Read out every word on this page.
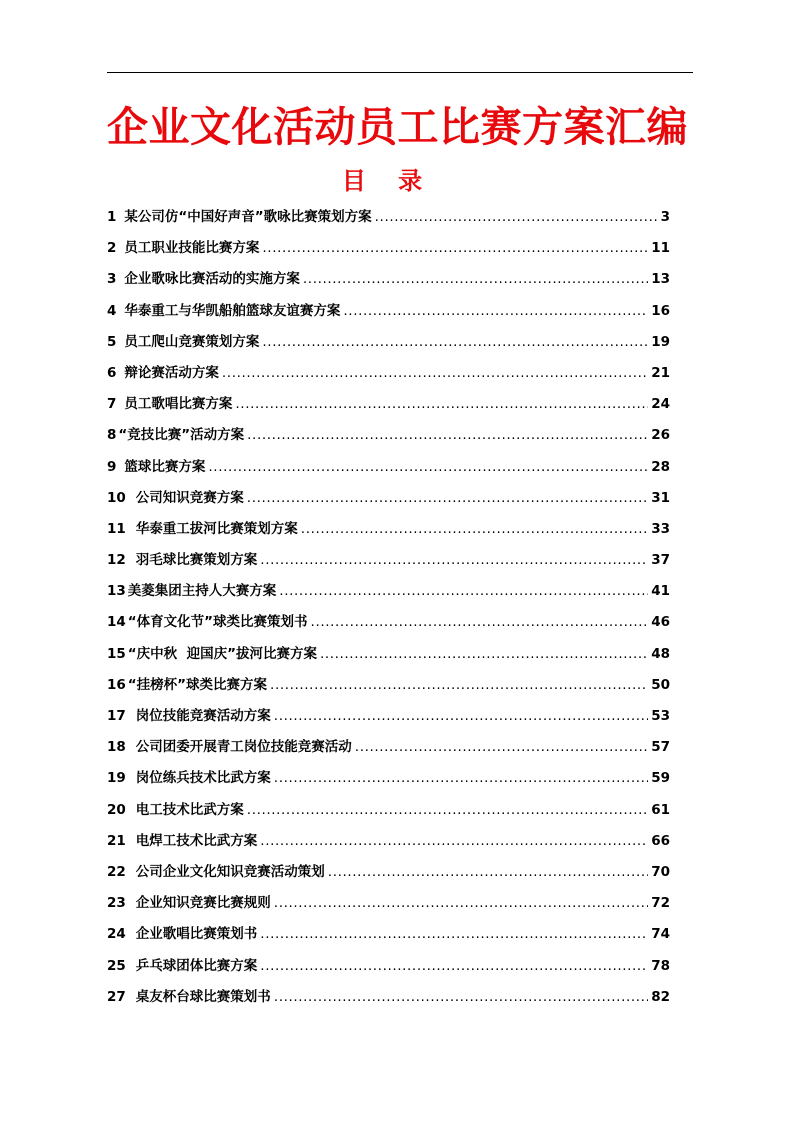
企业文化活动员工比赛方案汇编
目 录
1 某公司仿“中国好声音”歌咏比赛策划方案 .....	3
2 员工职业技能比赛方案 .....	11
3 企业歌咏比赛活动的实施方案 .....	13
4 华泰重工与华凯船舶篮球友谊赛方案 .....	16
5 员工爬山竞赛策划方案 .....	19
6 辩论赛活动方案 .....	21
7 员工歌唱比赛方案 .....	24
8 “竞技比赛”活动方案 .....	26
9 篮球比赛方案 .....	28
10 公司知识竞赛方案 .....	31
11 华泰重工拔河比赛策划方案 .....	33
12 羽毛球比赛策划方案 .....	37
13 美菱集团主持人大赛方案 .....	41
14 “体育文化节”球类比赛策划书 .....	46
15 “庆中秋  迎国庆”拔河比赛方案 .....	48
16 “挂榜杯”球类比赛方案 .....	50
17 岗位技能竞赛活动方案 .....	53
18 公司团委开展青工岗位技能竞赛活动 .....	57
19 岗位练兵技术比武方案 .....	59
20 电工技术比武方案 .....	61
21 电焊工技术比武方案 .....	66
22 公司企业文化知识竞赛活动策划 .....	70
23 企业知识竞赛比赛规则 .....	72
24 企业歌唱比赛策划书 .....	74
25 乒乓球团体比赛方案 .....	78
27 桌友杯台球比赛策划书 .....	82
